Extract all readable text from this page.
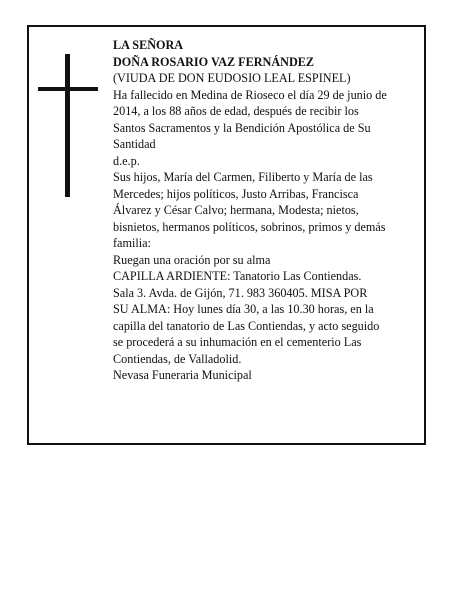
LA SEÑORA
DOÑA ROSARIO VAZ FERNÁNDEZ
(VIUDA DE DON EUDOSIO LEAL ESPINEL)
Ha fallecido en Medina de Rioseco el día 29 de junio de
2014, a los 88 años de edad, después de recibir los
Santos Sacramentos y la Bendición Apostólica de Su
Santidad
d.e.p.
Sus hijos, María del Carmen, Filiberto y María de las
Mercedes; hijos políticos, Justo Arribas, Francisca
Álvarez y César Calvo; hermana, Modesta; nietos,
bisnietos, hermanos políticos, sobrinos, primos y demás
familia:
Ruegan una oración por su alma
CAPILLA ARDIENTE: Tanatorio Las Contiendas.
Sala 3. Avda. de Gijón, 71. 983 360405. MISA POR
SU ALMA: Hoy lunes día 30, a las 10.30 horas, en la
capilla del tanatorio de Las Contiendas, y acto seguido
se procederá a su inhumación en el cementerio Las
Contiendas, de Valladolid.
Nevasa Funeraria Municipal
